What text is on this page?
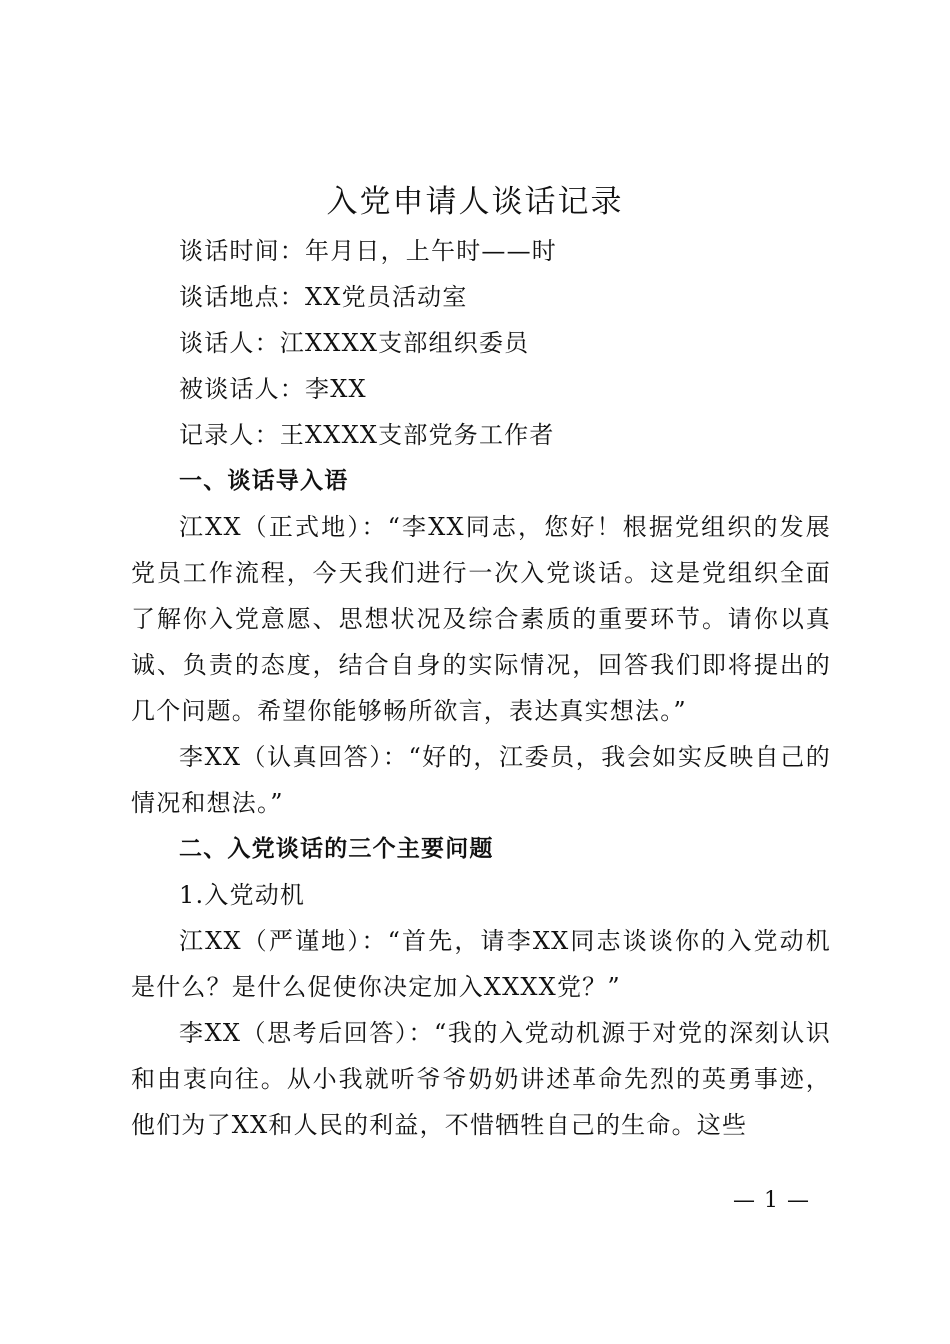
入党申请人谈话记录

谈话时间：年月日，上午时——时

谈话地点：XX党员活动室

谈话人：江XXXX支部组织委员

被谈话人：李XX

记录人：王XXXX支部党务工作者

一、谈话导入语

江XX（正式地）：“李XX同志，您好！根据党组织的发展党员工作流程，今天我们进行一次入党谈话。这是党组织全面了解你入党意愿、思想状况及综合素质的重要环节。请你以真诚、负责的态度，结合自身的实际情况，回答我们即将提出的几个问题。希望你能够畅所欲言，表达真实想法。”

李XX（认真回答）：“好的，江委员，我会如实反映自己的情况和想法。”

二、入党谈话的三个主要问题

1.入党动机

江XX（严谨地）：“首先，请李XX同志谈谈你的入党动机是什么？是什么促使你决定加入XXXX党？”

李XX（思考后回答）：“我的入党动机源于对党的深刻认识和由衷向往。从小我就听爷爷奶奶讲述革命先烈的英勇事迹，他们为了XX和人民的利益，不惜牺牲自己的生命。这些

— 1 —
